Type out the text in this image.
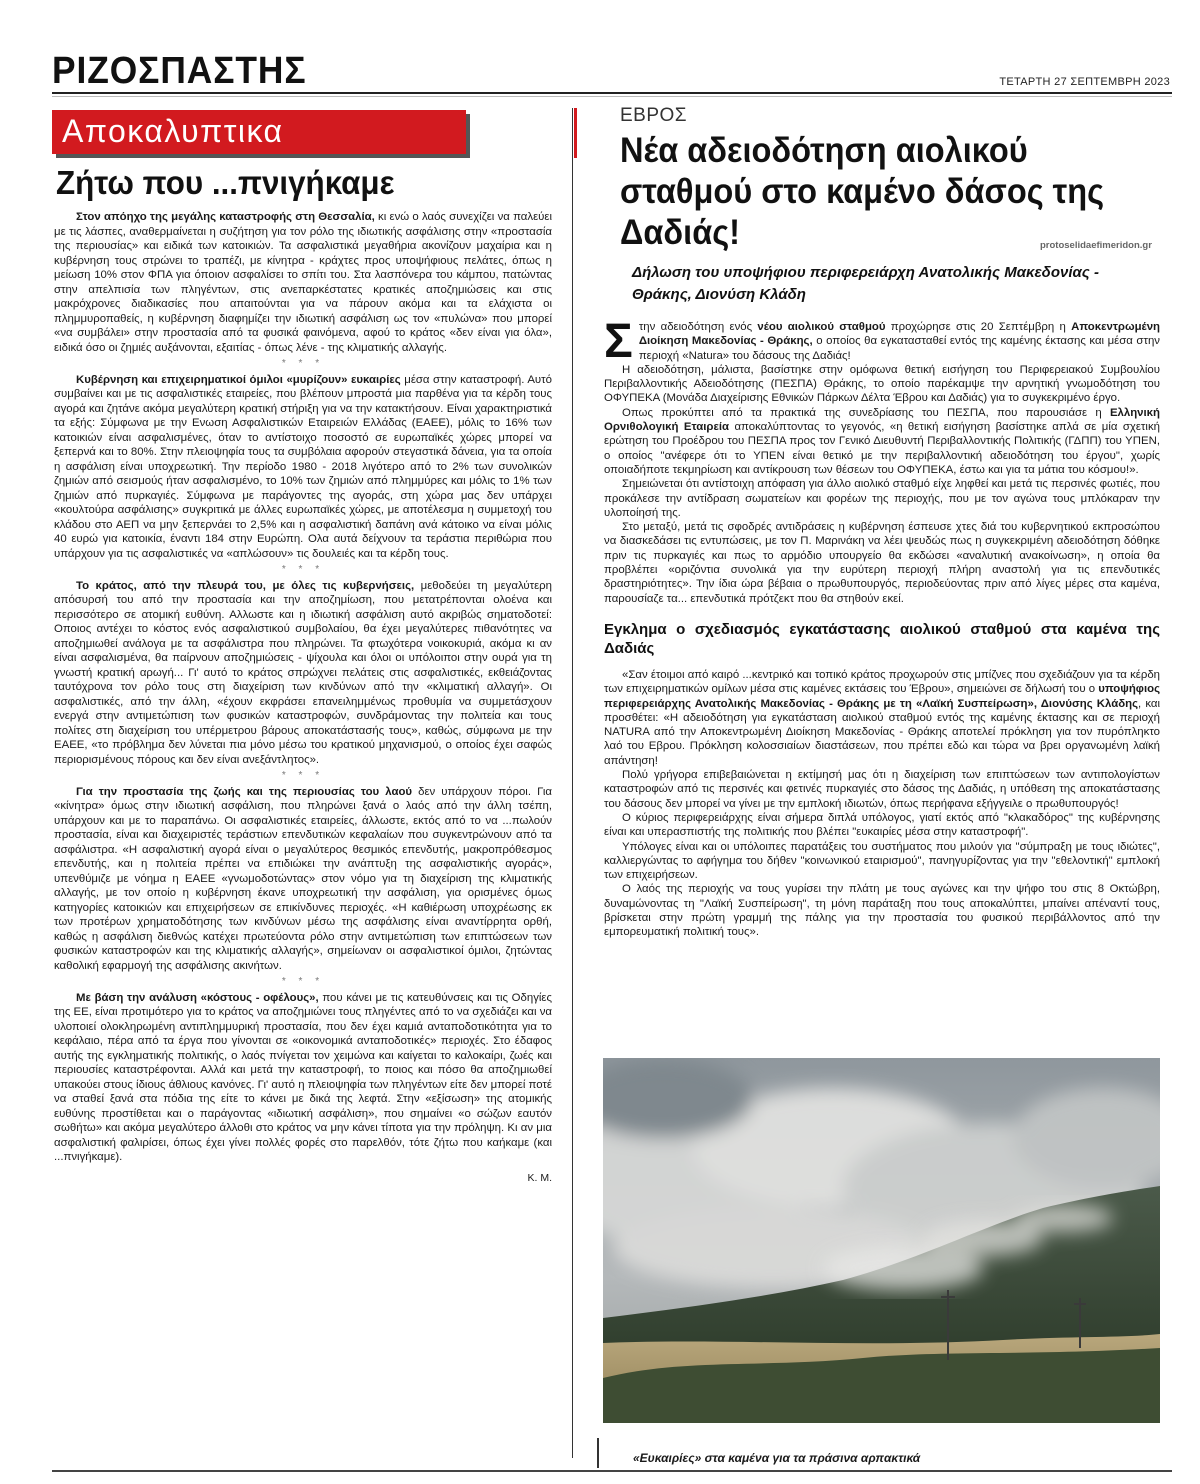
ΡΙΖΟΣΠΑΣΤΗΣ	ΤΕΤΑΡΤΗ 27 ΣΕΠΤΕΜΒΡΗ 2023
Αποκαλυπτικα
Ζήτω που ...πνιγήκαμε

Στον απόηχο της μεγάλης καταστροφής στη Θεσσαλία, κι ενώ ο λαός συνεχίζει να παλεύει με τις λάσπες, αναθερμαίνεται η συζήτηση για τον ρόλο της ιδιωτικής ασφάλισης στην «προστασία της περιουσίας» και ειδικά των κατοικιών. Τα ασφαλιστικά μεγαθήρια ακονίζουν μαχαίρια και η κυβέρνηση τους στρώνει το τραπέζι, με κίνητρα - κράχτες προς υποψήφιους πελάτες, όπως η μείωση 10% στον ΦΠΑ για όποιον ασφαλίσει το σπίτι του. Στα λασπόνερα του κάμπου, πατώντας στην απελπισία των πληγέντων, στις ανεπαρκέστατες κρατικές αποζημιώσεις και στις μακρόχρονες διαδικασίες που απαιτούνται για να πάρουν ακόμα και τα ελάχιστα οι πλημμυροπαθείς, η κυβέρνηση διαφημίζει την ιδιωτική ασφάλιση ως τον «πυλώνα» που μπορεί «να συμβάλει» στην προστασία από τα φυσικά φαινόμενα, αφού το κράτος «δεν είναι για όλα», ειδικά όσο οι ζημιές αυξάνονται, εξαιτίας - όπως λένε - της κλιματικής αλλαγής.

* * *

Κυβέρνηση και επιχειρηματικοί όμιλοι «μυρίζουν» ευκαιρίες μέσα στην καταστροφή. Αυτό συμβαίνει και με τις ασφαλιστικές εταιρείες, που βλέπουν μπροστά μια παρθένα για τα κέρδη τους αγορά και ζητάνε ακόμα μεγαλύτερη κρατική στήριξη για να την κατακτήσουν. Είναι χαρακτηριστικά τα εξής: Σύμφωνα με την Ενωση Ασφαλιστικών Εταιρειών Ελλάδας (ΕΑΕΕ), μόλις το 16% των κατοικιών είναι ασφαλισμένες, όταν το αντίστοιχο ποσοστό σε ευρωπαϊκές χώρες μπορεί να ξεπερνά και το 80%. Στην πλειοψηφία τους τα συμβόλαια αφορούν στεγαστικά δάνεια, για τα οποία η ασφάλιση είναι υποχρεωτική. Την περίοδο 1980 - 2018 λιγότερο από το 2% των συνολικών ζημιών από σεισμούς ήταν ασφαλισμένο, το 10% των ζημιών από πλημμύρες και μόλις το 1% των ζημιών από πυρκαγιές. Σύμφωνα με παράγοντες της αγοράς, στη χώρα μας δεν υπάρχει «κουλτούρα ασφάλισης» συγκριτικά με άλλες ευρωπαϊκές χώρες, με αποτέλεσμα η συμμετοχή του κλάδου στο ΑΕΠ να μην ξεπερνάει το 2,5% και η ασφαλιστική δαπάνη ανά κάτοικο να είναι μόλις 40 ευρώ για κατοικία, έναντι 184 στην Ευρώπη. Ολα αυτά δείχνουν τα τεράστια περιθώρια που υπάρχουν για τις ασφαλιστικές να «απλώσουν» τις δουλειές και τα κέρδη τους.

* * *

Το κράτος, από την πλευρά του, με όλες τις κυβερνήσεις, μεθοδεύει τη μεγαλύτερη απόσυρσή του από την προστασία και την αποζημίωση, που μετατρέπονται ολοένα και περισσότερο σε ατομική ευθύνη. Αλλωστε και η ιδιωτική ασφάλιση αυτό ακριβώς σηματοδοτεί: Οποιος αντέχει το κόστος ενός ασφαλιστικού συμβολαίου, θα έχει μεγαλύτερες πιθανότητες να αποζημιωθεί ανάλογα με τα ασφάλιστρα που πληρώνει. Τα φτωχότερα νοικοκυριά, ακόμα κι αν είναι ασφαλισμένα, θα παίρνουν αποζημιώσεις - ψίχουλα και όλοι οι υπόλοιποι στην ουρά για τη γνωστή κρατική αρωγή... Γι' αυτό το κράτος σπρώχνει πελάτεις στις ασφαλιστικές, εκθειάζοντας ταυτόχρονα τον ρόλο τους στη διαχείριση των κινδύνων από την «κλιματική αλλαγή». Οι ασφαλιστικές, από την άλλη, «έχουν εκφράσει επανειλημμένως προθυμία να συμμετάσχουν ενεργά στην αντιμετώπιση των φυσικών καταστροφών, συνδράμοντας την πολιτεία και τους πολίτες στη διαχείριση του υπέρμετρου βάρους αποκατάστασής τους», καθώς, σύμφωνα με την ΕΑΕΕ, «το πρόβλημα δεν λύνεται πια μόνο μέσω του κρατικού μηχανισμού, ο οποίος έχει σαφώς περιορισμένους πόρους και δεν είναι ανεξάντλητος».

* * *

Για την προστασία της ζωής και της περιουσίας του λαού δεν υπάρχουν πόροι. Για «κίνητρα» όμως στην ιδιωτική ασφάλιση, που πληρώνει ξανά ο λαός από την άλλη τσέπη, υπάρχουν και με το παραπάνω. Οι ασφαλιστικές εταιρείες, άλλωστε, εκτός από το να ...πωλούν προστασία, είναι και διαχειριστές τεράστιων επενδυτικών κεφαλαίων που συγκεντρώνουν από τα ασφάλιστρα. «Η ασφαλιστική αγορά είναι ο μεγαλύτερος θεσμικός επενδυτής, μακροπρόθεσμος επενδυτής, και η πολιτεία πρέπει να επιδιώκει την ανάπτυξη της ασφαλιστικής αγοράς», υπενθύμιζε με νόημα η ΕΑΕΕ «γνωμοδοτώντας» στον νόμο για τη διαχείριση της κλιματικής αλλαγής, με τον οποίο η κυβέρνηση έκανε υποχρεωτική την ασφάλιση, για ορισμένες όμως κατηγορίες κατοικιών και επιχειρήσεων σε επικίνδυνες περιοχές. «Η καθιέρωση υποχρέωσης εκ των προτέρων χρηματοδότησης των κινδύνων μέσω της ασφάλισης είναι αναντίρρητα ορθή, καθώς η ασφάλιση διεθνώς κατέχει πρωτεύοντα ρόλο στην αντιμετώπιση των επιπτώσεων των φυσικών καταστροφών και της κλιματικής αλλαγής», σημείωναν οι ασφαλιστικοί όμιλοι, ζητώντας καθολική εφαρμογή της ασφάλισης ακινήτων.

* * *

Με βάση την ανάλυση «κόστους - οφέλους», που κάνει με τις κατευθύνσεις και τις Οδηγίες της ΕΕ, είναι προτιμότερο για το κράτος να αποζημιώνει τους πληγέντες από το να σχεδιάζει και να υλοποιεί ολοκληρωμένη αντιπλημμυρική προστασία, που δεν έχει καμιά ανταποδοτικότητα για το κεφάλαιο, πέρα από τα έργα που γίνονται σε «οικονομικά ανταποδοτικές» περιοχές. Στο έδαφος αυτής της εγκληματικής πολιτικής, ο λαός πνίγεται τον χειμώνα και καίγεται το καλοκαίρι, ζωές και περιουσίες καταστρέφονται. Αλλά και μετά την καταστροφή, το ποιος και πόσο θα αποζημιωθεί υπακούει στους ίδιους άθλιους κανόνες. Γι' αυτό η πλειοψηφία των πληγέντων είτε δεν μπορεί ποτέ να σταθεί ξανά στα πόδια της είτε το κάνει με δικά της λεφτά. Στην «εξίσωση» της ατομικής ευθύνης προστίθεται και ο παράγοντας «ιδιωτική ασφάλιση», που σημαίνει «ο σώζων εαυτόν σωθήτω» και ακόμα μεγαλύτερο άλλοθι στο κράτος να μην κάνει τίποτα για την πρόληψη. Κι αν μια ασφαλιστική φαλιρίσει, όπως έχει γίνει πολλές φορές στο παρελθόν, τότε ζήτω που καήκαμε (και ...πνιγήκαμε).

Κ. Μ.
ΕΒΡΟΣ
Νέα αδειοδότηση αιολικού σταθμού στο καμένο δάσος της Δαδιάς!	protoselidaefimeridon.gr
Δήλωση του υποψήφιου περιφερειάρχη Ανατολικής Μακεδονίας - Θράκης, Διονύση Κλάδη

Στην αδειοδότηση ενός νέου αιολικού σταθμού προχώρησε στις 20 Σεπτέμβρη η Αποκεντρωμένη Διοίκηση Μακεδονίας - Θράκης, ο οποίος θα εγκατασταθεί εντός της καμένης έκτασης και μέσα στην περιοχή «Natura» του δάσους της Δαδιάς!

Η αδειοδότηση, μάλιστα, βασίστηκε στην ομόφωνα θετική εισήγηση του Περιφερειακού Συμβουλίου Περιβαλλοντικής Αδειοδότησης (ΠΕΣΠΑ) Θράκης, το οποίο παρέκαμψε την αρνητική γνωμοδότηση του ΟΦΥΠΕΚΑ (Μονάδα Διαχείρισης Εθνικών Πάρκων Δέλτα Έβρου και Δαδιάς) για το συγκεκριμένο έργο.

Οπως προκύπτει από τα πρακτικά της συνεδρίασης του ΠΕΣΠΑ, που παρουσιάσε η Ελληνική Ορνιθολογική Εταιρεία αποκαλύπτοντας το γεγονός, «η θετική εισήγηση βασίστηκε απλά σε μία σχετική ερώτηση του Προέδρου του ΠΕΣΠΑ προς τον Γενικό Διευθυντή Περιβαλλοντικής Πολιτικής (ΓΔΠΠ) του ΥΠΕΝ, ο οποίος "ανέφερε ότι το ΥΠΕΝ είναι θετικό με την περιβαλλοντική αδειοδότηση του έργου", χωρίς οποιαδήποτε τεκμηρίωση και αντίκρουση των θέσεων του ΟΦΥΠΕΚΑ, έστω και για τα μάτια του κόσμου!».

Σημειώνεται ότι αντίστοιχη απόφαση για άλλο αιολικό σταθμό είχε ληφθεί και μετά τις περσινές φωτιές, που προκάλεσε την αντίδραση σωματείων και φορέων της περιοχής, που με τον αγώνα τους μπλόκαραν την υλοποίησή της.

Στο μεταξύ, μετά τις σφοδρές αντιδράσεις η κυβέρνηση έσπευσε χτες διά του κυβερνητικού εκπροσώπου να διασκεδάσει τις εντυπώσεις, με τον Π. Μαρινάκη να λέει ψευδώς πως η συγκεκριμένη αδειοδότηση δόθηκε πριν τις πυρκαγιές και πως το αρμόδιο υπουργείο θα εκδώσει «αναλυτική ανακοίνωση», η οποία θα προβλέπει «οριζόντια συνολικά για την ευρύτερη περιοχή πλήρη αναστολή για τις επενδυτικές δραστηριότητες». Την ίδια ώρα βέβαια ο πρωθυπουργός, περιοδεύοντας πριν από λίγες μέρες στα καμένα, παρουσίαζε τα... επενδυτικά πρότζεκτ που θα στηθούν εκεί.

Εγκλημα ο σχεδιασμός εγκατάστασης αιολικού σταθμού στα καμένα της Δαδιάς

«Σαν έτοιμοι από καιρό ...κεντρικό και τοπικό κράτος προχωρούν στις μπίζνες που σχεδιάζουν για τα κέρδη των επιχειρηματικών ομίλων μέσα στις καμένες εκτάσεις του Έβρου», σημειώνει σε δήλωσή του ο υποψήφιος περιφερειάρχης Ανατολικής Μακεδονίας - Θράκης με τη «Λαϊκή Συσπείρωση», Διονύσης Κλάδης, και προσθέτει: «Η αδειοδότηση για εγκατάσταση αιολικού σταθμού εντός της καμένης έκτασης και σε περιοχή NATURA από την Αποκεντρωμένη Διοίκηση Μακεδονίας - Θράκης αποτελεί πρόκληση για τον πυρόπληκτο λαό του Εβρου. Πρόκληση κολοσσιαίων διαστάσεων, που πρέπει εδώ και τώρα να βρει οργανωμένη λαϊκή απάντηση!

Πολύ γρήγορα επιβεβαιώνεται η εκτίμησή μας ότι η διαχείριση των επιπτώσεων των αντιπολογίστων καταστροφών από τις περσινές και φετινές πυρκαγιές στο δάσος της Δαδιάς, η υπόθεση της αποκατάστασης του δάσους δεν μπορεί να γίνει με την εμπλοκή ιδιωτών, όπως περήφανα εξήγγειλε ο πρωθυπουργός!

Ο κύριος περιφερειάρχης είναι σήμερα διπλά υπόλογος, γιατί εκτός από "κλακαδόρος" της κυβέρνησης είναι και υπερασπιστής της πολιτικής που βλέπει "ευκαιρίες μέσα στην καταστροφή".

Υπόλογες είναι και οι υπόλοιπες παρατάξεις του συστήματος που μιλούν για "σύμπραξη με τους ιδιώτες", καλλιεργώντας το αφήγημα του δήθεν "κοινωνικού εταιρισμού", πανηγυρίζοντας για την "εθελοντική" εμπλοκή των επιχειρήσεων.

Ο λαός της περιοχής να τους γυρίσει την πλάτη με τους αγώνες και την ψήφο του στις 8 Οκτώβρη, δυναμώνοντας τη "Λαϊκή Συσπείρωση", τη μόνη παράταξη που τους αποκαλύπτει, μπαίνει απέναντί τους, βρίσκεται στην πρώτη γραμμή της πάλης για την προστασία του φυσικού περιβάλλοντος από την εμπορευματική πολιτική τους».

«Ευκαιρίες» στα καμένα για τα πράσινα αρπακτικά
